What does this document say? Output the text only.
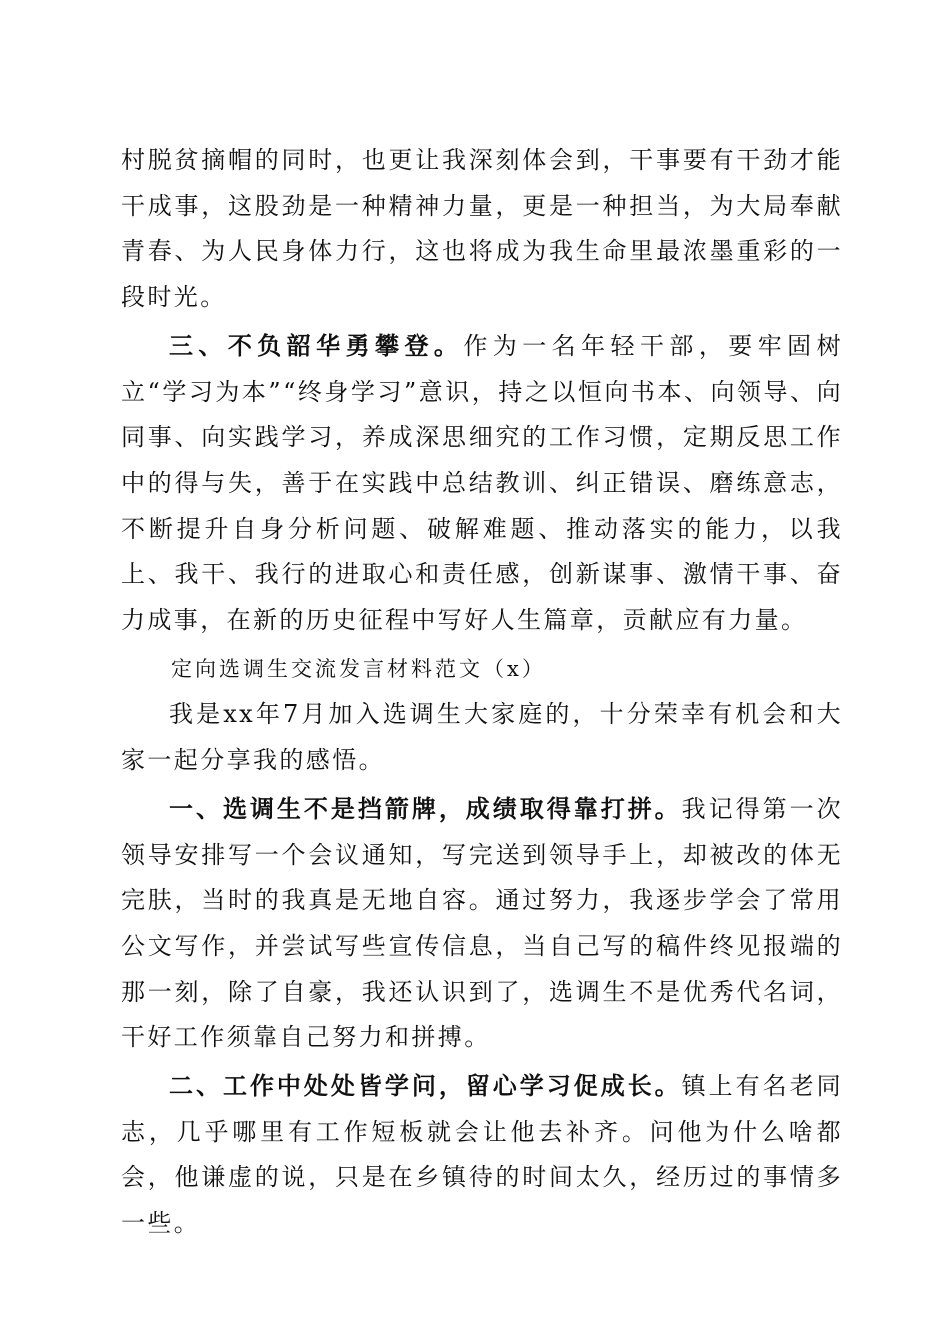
村脱贫摘帽的同时，也更让我深刻体会到，干事要有干劲才能干成事，这股劲是一种精神力量，更是一种担当，为大局奉献青春、为人民身体力行，这也将成为我生命里最浓墨重彩的一段时光。

三、不负韶华勇攀登。作为一名年轻干部，要牢固树立“学习为本”“终身学习”意识，持之以恒向书本、向领导、向同事、向实践学习，养成深思细究的工作习惯，定期反思工作中的得与失，善于在实践中总结教训、纠正错误、磨练意志，不断提升自身分析问题、破解难题、推动落实的能力，以我上、我干、我行的进取心和责任感，创新谋事、激情干事、奋力成事，在新的历史征程中写好人生篇章，贡献应有力量。

定向选调生交流发言材料范文（x）

我是xx年7月加入选调生大家庭的，十分荣幸有机会和大家一起分享我的感悟。

一、选调生不是挡箭牌，成绩取得靠打拼。我记得第一次领导安排写一个会议通知，写完送到领导手上，却被改的体无完肤，当时的我真是无地自容。通过努力，我逐步学会了常用公文写作，并尝试写些宣传信息，当自己写的稿件终见报端的那一刻，除了自豪，我还认识到了，选调生不是优秀代名词，干好工作须靠自己努力和拼搏。

二、工作中处处皆学问，留心学习促成长。镇上有名老同志，几乎哪里有工作短板就会让他去补齐。问他为什么啥都会，他谦虚的说，只是在乡镇待的时间太久，经历过的事情多一些。
